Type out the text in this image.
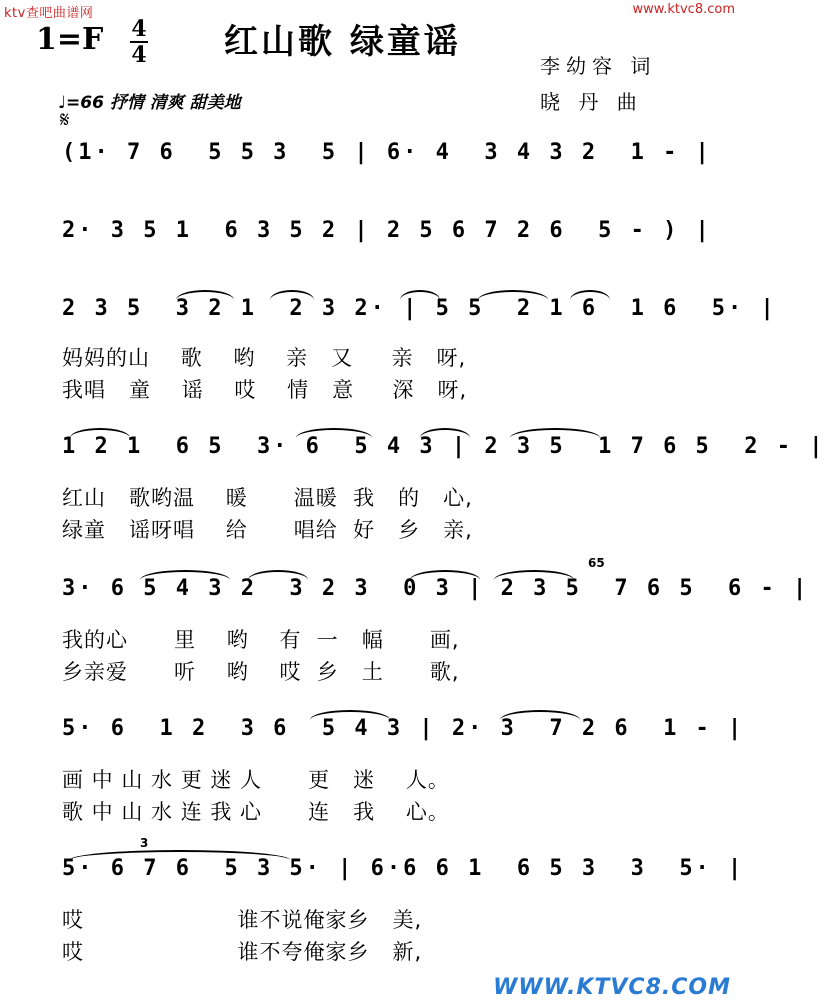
ktv查吧曲谱网	www.ktvc8.com
1=F 4
4 红山歌 绿童谣
李幼容 词
晓 丹 曲
♩=66 抒情 清爽 甜美地
𝄋
(1· 7 6  5 5 3  5 | 6· 4  3 4 3 2  1 - |
2· 3 5 1  6 3 5 2 | 2 5 6 7 2 6  5 - ) |
2 3 5  3 2 1  2 3 2· | 5 5  2 1 6  1 6  5· |
妈妈的山    歌    哟    亲   又     亲   呀,
我唱   童    谣    哎    情   意     深   呀,
1 2 1  6 5  3· 6  5 4 3 | 2 3 5  1 7 6 5  2 - |
红山   歌哟温    暖      温暖  我   的   心,
绿童   谣呀唱    给      唱给  好   乡   亲,
65
3· 6 5 4 3 2  3 2 3  0 3 | 2 3 5  7 6 5  6 - |
我的心      里    哟    有  一   幅      画,
乡亲爱      听    哟    哎  乡   土      歌,
5· 6  1 2  3 6  5 4 3 | 2· 3  7 2 6  1 - |
画 中 山 水 更 迷 人      更   迷    人。
歌 中 山 水 连 我 心      连   我    心。
3
5· 6 7 6  5 3 5· | 6·6 6 1  6 5 3  3  5· |
哎                    谁不说俺家乡   美,
哎                    谁不夸俺家乡   新,
WWW.KTVC8.COM
